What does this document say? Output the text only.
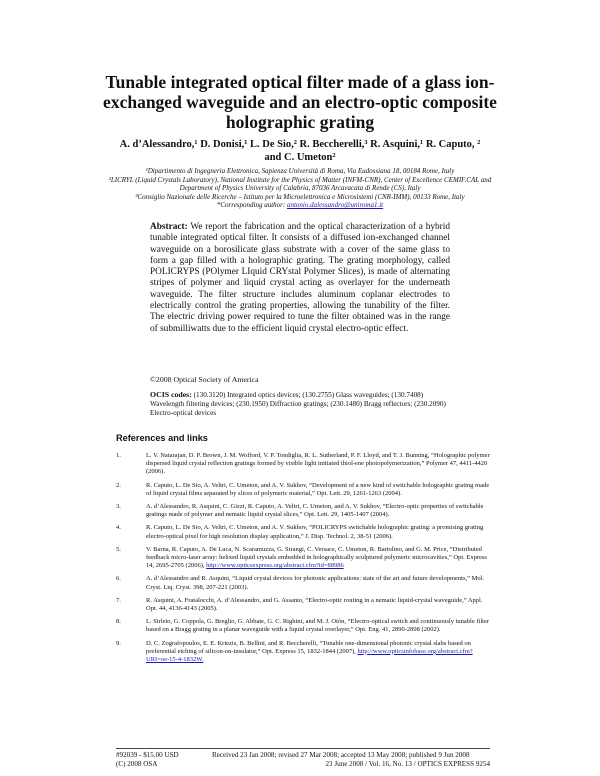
Tunable integrated optical filter made of a glass ion-exchanged waveguide and an electro-optic composite holographic grating
A. d’Alessandro,¹ D. Donisi,¹ L. De Sio,² R. Beccherelli,³ R. Asquini,¹ R. Caputo, ² and C. Umeton²
¹Dipartimento di Ingegneria Elettronica, Sapienza Università di Roma, Via Eudossiana 18, 00184 Rome, Italy
²LICRYL (Liquid Crystals Laboratory), National Institute for the Physics of Matter (INFM-CNR), Center of Excellence CEMIF.CAL and Department of Physics University of Calabria, 87036 Arcavacata di Rende (CS), Italy
³Consiglio Nazionale delle Ricerche – Istituto per la Microelettronica e Microsistemi (CNR-IMM), 00133 Rome, Italy
*Corresponding author: antonio.dalessandro@uniroma1.it
Abstract: We report the fabrication and the optical characterization of a hybrid tunable integrated optical filter. It consists of a diffused ion-exchanged channel waveguide on a borosilicate glass substrate with a cover of the same glass to form a gap filled with a holographic grating. The grating morphology, called POLICRYPS (POlymer LIquid CRYstal Polymer Slices), is made of alternating stripes of polymer and liquid crystal acting as overlayer for the underneath waveguide. The filter structure includes aluminum coplanar electrodes to electrically control the grating properties, allowing the tunability of the filter. The electric driving power required to tune the filter obtained was in the range of submilliwatts due to the efficient liquid crystal electro-optic effect.
©2008 Optical Society of America
OCIS codes: (130.3120) Integrated optics devices; (130.2755) Glass waveguides; (130.7408) Wavelength filtering devices; (230.1950) Diffraction gratings; (230.1480) Bragg reflectors; (230.2090) Electro-optical devices
References and links
1.	L. V. Natarajan, D. P. Brown, J. M. Wofford, V. P. Tondiglia, R. L. Sutherland, P. F. Lloyd, and T. J. Bunning, “Holographic polymer dispersed liquid crystal reflection gratings formed by visible light initiated thiol-ene photopolymerization,” Polymer 47, 4411-4420 (2006).
2.	R. Caputo, L. De Sio, A. Veltri, C. Umeton, and A. V. Sukhov, “Development of a new kind of switchable holographic grating made of liquid crystal films separated by slices of polymeric material,” Opt. Lett. 29, 1261-1263 (2004).
3.	A. d’Alessandro, R. Asquini, C. Gizzi, R. Caputo, A. Veltri, C. Umeton, and A. V. Sukhov, “Electro-optic properties of switchable gratings made of polymer and nematic liquid crystal slices,” Opt. Lett. 29, 1405-1407 (2004).
4.	R. Caputo, L. De Sio, A. Veltri, C. Umeton, and A. V. Sukhov, “POLICRYPS switchable holographic grating: a promising grating electro-optical pixel for high resolution display application,” J. Disp. Technol. 2, 38-51 (2006).
5.	V. Barna, R. Caputo, A. De Luca, N. Scaramuzza, G. Strangi, C. Versace, C. Umeton, R. Bartolino, and G. M. Price, “Distributed feedback micro-laser array: helixed liquid crystals embedded in holographically sculptured polymeric microcavities,” Opt. Express 14, 2695-2705 (2006), http://www.opticsexpress.org/abstract.cfm?id=88986
6.	A. d’Alessandro and R. Asquini, “Liquid crystal devices for photonic applications: state of the art and future developments,” Mol. Cryst. Liq. Cryst. 398, 207-221 (2003).
7.	R. Asquini, A. Fratalocchi, A. d’Alessandro, and G. Assanto, “Electro-optic routing in a nematic liquid-crystal waveguide,” Appl. Opt. 44, 4136-4143 (2005).
8.	L. Sirleto, G. Coppola, G. Breglio, G. Abbate, G. C. Righini, and M. J. Otón, “Electro-optical switch and continuously tunable filter based on a Bragg grating in a planar waveguide with a liquid crystal overlayer,” Opt. Eng. 41, 2890-2898 (2002).
9.	D. C. Zografopoulos, E. E. Kriezis, B. Bellini, and R. Beccherelli, “Tunable one-dimensional photonic crystal slabs based on preferential etching of silicon-on-insulator,” Opt. Express 15, 1832-1844 (2007), http://www.opticsinfobase.org/abstract.cfm?URI=oe-15-4-1832W.
#92039 - $15.00 USD	Received 23 Jan 2008; revised 27 Mar 2008; accepted 13 May 2008; published 9 Jun 2008
(C) 2008 OSA	23 June 2008 / Vol. 16, No. 13 / OPTICS EXPRESS 9254
